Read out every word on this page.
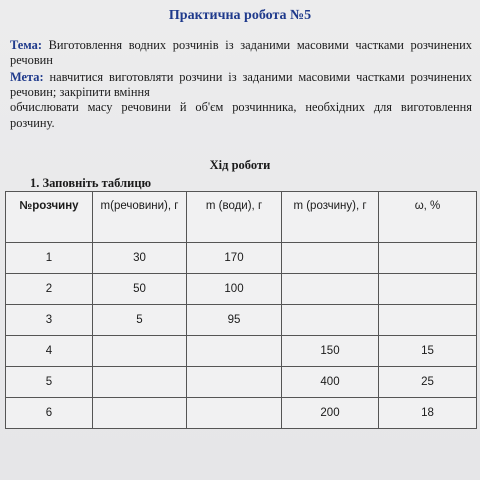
Практична робота №5
Тема: Виготовлення водних розчинів із заданими масовими частками розчинених речовин
Мета: навчитися виготовляти розчини із заданими масовими частками розчинених речовин; закріпити вміння
обчислювати масу речовини й об'єм розчинника, необхідних для виготовлення розчину.
Хід роботи
1. Заповніть таблицю
№розчину	m(речовини), г	m (води), г	m (розчину), г	ω, %
1	30	170		
2	50	100		
3	5	95		
4			150	15
5			400	25
6			200	18
